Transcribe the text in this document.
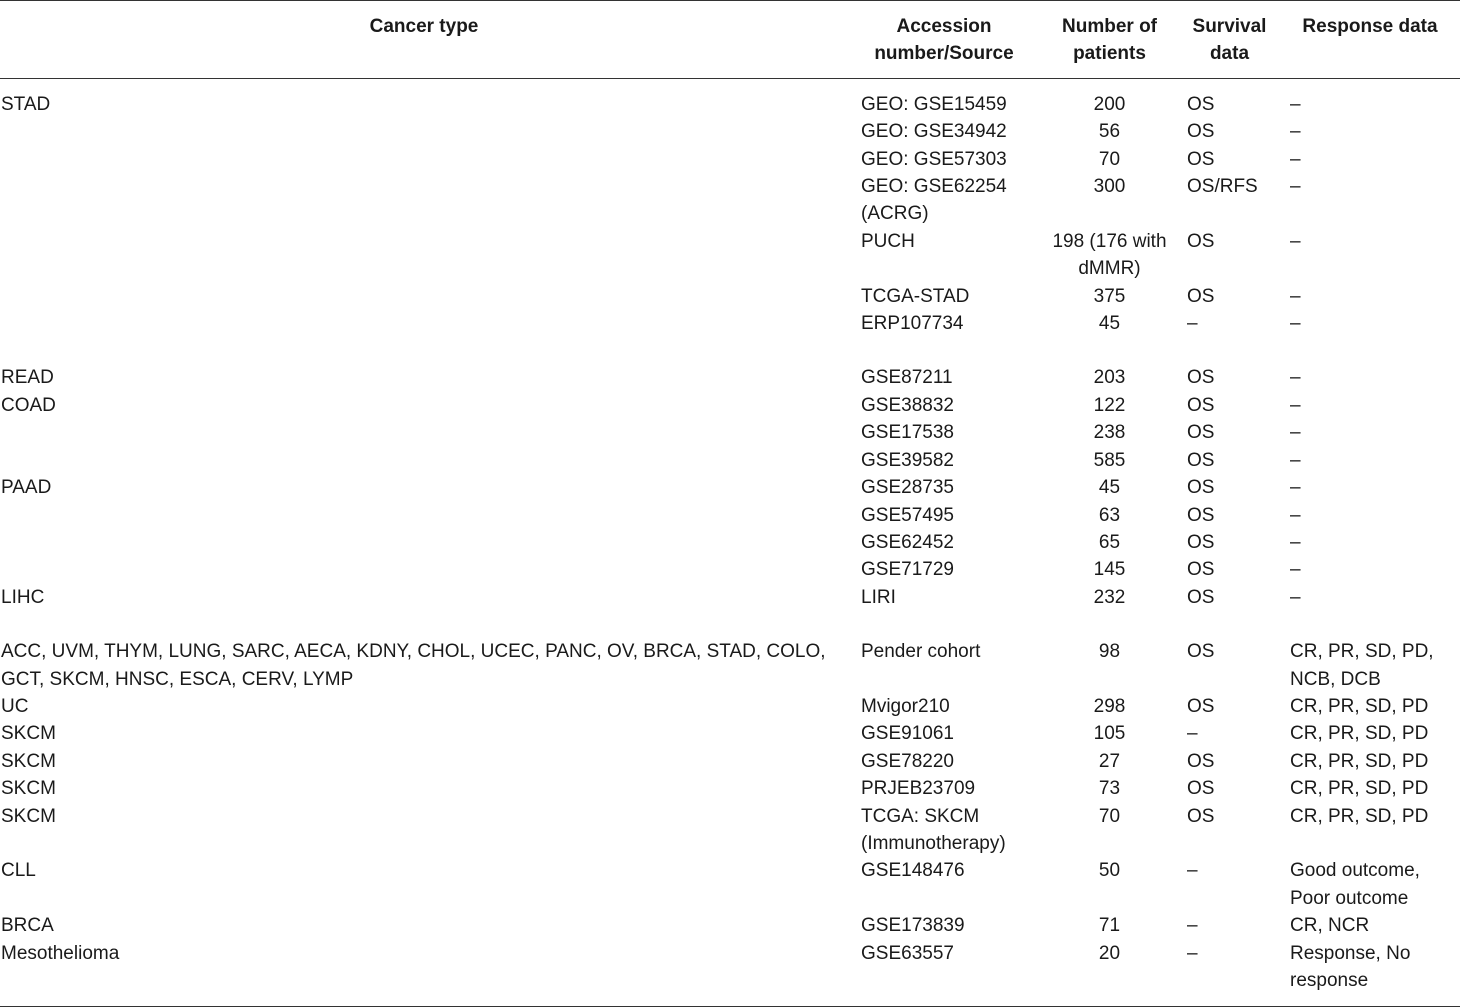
Cancer type	Accession number/Source	Number of patients	Survival data	Response data
STAD	GEO: GSE15459	200	OS	–
	GEO: GSE34942	56	OS	–
	GEO: GSE57303	70	OS	–
	GEO: GSE62254 (ACRG)	300	OS/RFS	–
	PUCH	198 (176 with dMMR)	OS	–
	TCGA-STAD	375	OS	–
	ERP107734	45	–	–
READ	GSE87211	203	OS	–
COAD	GSE38832	122	OS	–
	GSE17538	238	OS	–
	GSE39582	585	OS	–
PAAD	GSE28735	45	OS	–
	GSE57495	63	OS	–
	GSE62452	65	OS	–
	GSE71729	145	OS	–
LIHC	LIRI	232	OS	–
ACC, UVM, THYM, LUNG, SARC, AECA, KDNY, CHOL, UCEC, PANC, OV, BRCA, STAD, COLO, GCT, SKCM, HNSC, ESCA, CERV, LYMP	Pender cohort	98	OS	CR, PR, SD, PD, NCB, DCB
UC	Mvigor210	298	OS	CR, PR, SD, PD
SKCM	GSE91061	105	–	CR, PR, SD, PD
SKCM	GSE78220	27	OS	CR, PR, SD, PD
SKCM	PRJEB23709	73	OS	CR, PR, SD, PD
SKCM	TCGA: SKCM (Immunotherapy)	70	OS	CR, PR, SD, PD
CLL	GSE148476	50	–	Good outcome, Poor outcome
BRCA	GSE173839	71	–	CR, NCR
Mesothelioma	GSE63557	20	–	Response, No response
